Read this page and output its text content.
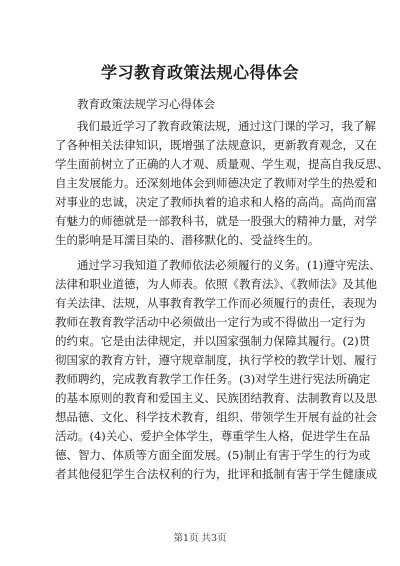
学习教育政策法规心得体会
教育政策法规学习心得体会
我们最近学习了教育政策法规，通过这门课的学习，我了解
了各种相关法律知识，既增强了法规意识，更新教育观念，又在
学生面前树立了正确的人才观、质量观、学生观，提高自我反思、
自主发展能力。还深刻地体会到师德决定了教师对学生的热爱和
对事业的忠诚，决定了教师执着的追求和人格的高尚。高尚而富
有魅力的师德就是一部教科书，就是一股强大的精神力量，对学
生的影响是耳濡目染的、潜移默化的、受益终生的。
通过学习我知道了教师依法必须履行的义务。(1)遵守宪法、
法律和职业道德，为人师表。依照《教育法》、《教师法》及其他
有关法律、法规，从事教育教学工作而必须履行的责任，表现为
教师在教育教学活动中必须做出一定行为或不得做出一定行为
的约束。它是由法律规定，并以国家强制力保障其履行。(2)贯
彻国家的教育方针，遵守规章制度，执行学校的教学计划、履行
教师聘约，完成教育教学工作任务。(3)对学生进行宪法所确定
的基本原则的教育和爱国主义、民族团结教育、法制教育以及思
想品德、文化、科学技术教育，组织、带领学生开展有益的社会
活动。(4)关心、爱护全体学生，尊重学生人格，促进学生在品
德、智力、体质等方面全面发展。(5)制止有害于学生的行为或
者其他侵犯学生合法权利的行为，批评和抵制有害于学生健康成
第1页 共3页
